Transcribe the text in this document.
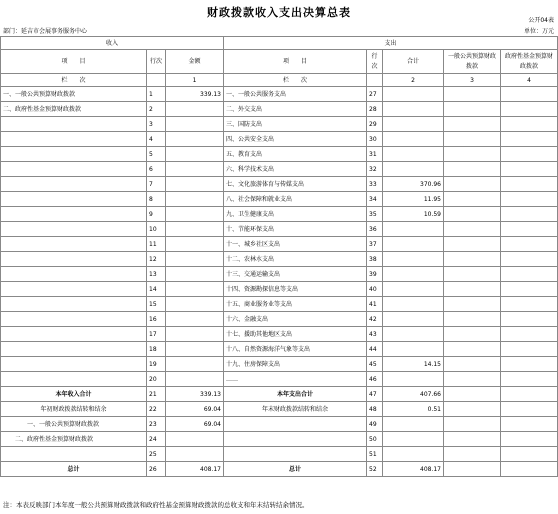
财政拨款收入支出决算总表
公开04表
部门：延吉市会展事务服务中心	单位：万元
收入			支出				
项　　目	行次	金额	项　　目	行次	合计	一般公共预算财政拨款	政府性基金预算财政拨款
栏　　次		1	栏　　次		2	3	4
一、一般公共预算财政拨款	1	339.13	一、一般公共服务支出	27			
二、政府性基金预算财政拨款	2		二、外交支出	28			
	3		三、国防支出	29			
	4		四、公共安全支出	30			
	5		五、教育支出	31			
	6		六、科学技术支出	32			
	7		七、文化旅游体育与传媒支出	33	370.96		
	8		八、社会保障和就业支出	34	11.95		
	9		九、卫生健康支出	35	10.59		
	10		十、节能环保支出	36			
	11		十一、城乡社区支出	37			
	12		十二、农林水支出	38			
	13		十三、交通运输支出	39			
	14		十四、资源勘探信息等支出	40			
	15		十五、商业服务业等支出	41			
	16		十六、金融支出	42			
	17		十七、援助其他地区支出	43			
	18		十八、自然资源海洋气象等支出	44			
	19		十九、住房保障支出	45	14.15		
	20		……	46			
本年收入合计	21	339.13	本年支出合计	47	407.66		
年初财政拨款结转和结余	22	69.04	年末财政拨款结转和结余	48	0.51		
一、一般公共预算财政拨款	23	69.04		49			
二、政府性基金预算财政拨款	24			50			
	25			51			
总计	26	408.17	总计	52	408.17		
注：本表反映部门本年度一般公共预算财政拨款和政府性基金预算财政拨款的总收支和年末结转结余情况。
